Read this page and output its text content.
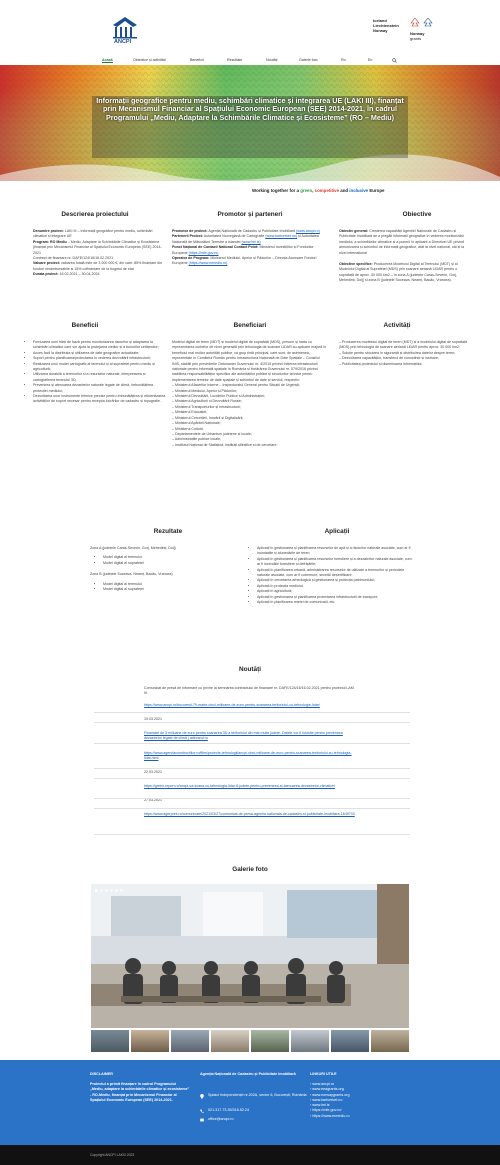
ANCPI
Iceland
Liechtenstein
Norway
Norway
grants
Acasă	Obiective și activități	Beneficii	Rezultate	Noutăți	Galerie foto	Ro	En
Informații geografice pentru mediu, schimbări climatice și integrarea UE (LAKI III), finanțat prin Mecanismul Financiar al Spațiului Economic European (SEE) 2014-2021, în cadrul Programului „Mediu, Adaptare la Schimbările Climatice și Ecosisteme” (RO – Mediu)
Working together for a green, competitive and inclusive Europe
Descrierea proiectului
Denumire proiect: LAKI III – Informații geografice pentru mediu, schimbări climatice și integrare UE
Program: RO Mediu – Mediu, Adaptare la Schimbările Climatice și Ecosisteme (finanțat prin Mecanismul Financiar al Spațiului Economic European (SEE) 2014-2021
Contract de finanțare nr. DAFE/124/16/16.02.2021
Valoare proiect: valoarea totală este de 3 000 000 €, din care: 85% finanțare din fonduri nerambursabile și 15% cofinanțare de la bugetul de stat
Durata proiect: 16.02.2021 – 30.04.2024
Promotor și parteneri
Promotor de proiect: Agenția Națională de Cadastru și Publicitate Imobiliară (www.ancpi.ro)
Partenerii Proiect: Autoritatea Norvegiană de Cartografie (www.kartverket.no) și Autoritatea Națională de Măsurători Terestre a Islandei (www.lmi.is)
Punct Național de Contact/ National Contact Point: Ministerul Investițiilor și Fondurilor Europene (https://mfe.gov.ro)
Operator de Program: Ministerul Mediului, Apelor și Pădurilor – Direcția Accesare Fonduri Europene (https://www.mmediu.ro)
Obiective
Obiectiv general: Creșterea capacității Agenției Naționale de Cadastru și Publicitate Imobiliară de a pregăti informații geografice în vederea monitorizării mediului, a schimbărilor climatice și a punerii în aplicare a Directivei UE privind armonizarea și schimbul de informații geografice, atât la nivel național, cât și la nivel internațional
Obiective specifice: Producerea Modelului Digital al Terenului (MDT) și al Modelului Digital al Suprafeței (MDS) prin scanare aeriană LiDAR pentru o suprafață de aprox. 30 000 km2 – în zona A (județele Caraș-Severin, Gorj, Mehedinți, Dolj) și zona B (județele Suceava, Neamț, Bacău, Vrancea).
Beneficii
• Furnizarea unei hărți de bază pentru monitorizarea riscurilor și adaptarea la schimbări climatice care vor ajuta la protejarea vieților și a bunurilor cetățenilor;
• Acces facil la distribuția și utilizarea de date geografice actualizate;
• Suport pentru planificarea/proiectarea în vederea dezvoltării infrastructurii;
• Realizarea unui model cartografic al terenului și al suprafeței pentru mediu și agricultură;
• Utilizarea durabilă a terenurilor și a resurselor naturale, interpretarea și cartografierea terenului 3D;
• Prevenirea și atenuarea dezastrelor naturale legate de climă, îmbunătățirea protecției mediului;
• Dezvoltarea unor instrumente tehnice precise pentru îmbunătățirea și eficientizarea activităților de suport necesar pentru recepția lucrărilor de cadastru și topografie.
Beneficiari
Modelul digital de teren (MDT) și modelul digital de suprafață (MDS), precum și harta cu reprezentarea curbelor de nivel generată prin tehnologia de scanare LiDAR au aplicare majoră în beneficiul mai multor autorități publice, ca grup țintă principal, care sunt, de asemenea, reprezentate în Comitetul Român pentru Infrastructura Națională de Date Spațiale – Consiliul INIS, stabilit prin prevederile Ordonanței Guvernului nr. 4/2010 privind Inițierea infrastructurii naționale pentru informații spațiale în România și Hotărârea Guvernului nr. 579/2016 privind stabilirea responsabilităților specifice ale autorităților publice și structurilor tehnice pentru implementarea temelor de date spațiale și schimbul de date și servicii, respectiv:
– Ministerul Afacerilor Interne – Inspectoratul General pentru Situații de Urgență;
– Ministerul Mediului, Apelor și Pădurilor;
– Ministerul Dezvoltării, Lucrărilor Publice și Administrației;
– Ministerul Agriculturii și Dezvoltării Rurale;
– Ministerul Transporturilor și Infrastructurii;
– Ministerul Educației;
– Ministerul Cercetării, Inovării și Digitalizării;
– Ministerul Apărării Naționale;
– Ministerul Culturii;
– Departamentele de Urbanism județene și locale;
– Administrațiile publice locale;
– Institutul Național de Statistică, instituții științifice și de cercetare.
Activități
– Producerea modelului digital de teren (MDT) și a modelului digital de suprafață (MDS) prin tehnologia de scanare aeriană LiDAR pentru aprox. 30 000 km2;
– Soluție pentru stocarea în siguranță și distribuirea datelor despre teren;
– Dezvoltarea capacităților, transferul de cunoștințe și instruire;
– Publicitatea proiectului și diseminarea informațiilor.
Rezultate
Zona A (județele Caraș-Severin, Gorj, Mehedinți, Dolj)
• Model digital al terenului
• Model digital al suprafeței
Zona B (județele Suceava, Neamț, Bacău, Vrancea)
• Model digital al terenului
• Model digital al suprafeței
Aplicații
• Aplicații în gestionarea și planificarea resurselor de apă și a riscurilor naturale asociate, cum ar fi inundațiile și alunecările de teren;
• Aplicații în gestionarea și planificarea resurselor forestiere și a dezastrelor naturale asociate, cum ar fi incendiile forestiere și defrișările;
• Aplicații în planificarea urbană, administrarea resurselor de utilizare a terenurilor și pericolele naturale asociate, cum ar fi cutremure, secetă/ deșertificare;
• Aplicații în cercetarea arheologică și gestionarea și protecția patrimoniului;
• Aplicații în protecția mediului;
• Aplicații în agricultură;
• Aplicații în gestionarea și planificarea proiectarea infrastructurii de transport;
• Aplicații în planificarea rețelei de comunicații, etc.
Noutăți
Comunicat de presă de informare cu privire la semnarea contractului de finanțare nr. DAFE/124/16/16.02.2021 pentru proiectul LAKI III.
https://www.ancpi.ro/bucuresti-79-marte-cinci-milioane-de-euro-pentru-scanarea-teritoriului-cu-tehnologie-lidar/
19.03.2021
Finanțare de 5 milioane de euro pentru scanarea 3D a teritoriului din mai multe județe. Datele vor fi folosite pentru prevenirea dezastrelor legate de climă | adevarul.ro
https://www.agendaconstructiilor.ro/files/proiecte-tehnologii/ancpi-cinci-milioane-de-euro-pentru-scanarea-teritoriului-cu-tehnologia-lidar.html
22.03.2021
https://green-report.ro/ancpi-va-scana-cu-tehnologia-lidar-8-judete-pentru-prevenirea-si-atenuarea-dezastrelor-climatice/
27.03.2021
https://www.agerpres.ro/comunicate/2021/03/27/comunicat-de-presa-agentia-nationala-de-cadastru-si-publicitate-imobiliara-1649703
Galerie foto
DISCLAIMER
Proiectul a primit finanțare în cadrul Programului „Mediu, adaptare la schimbările climatice și ecosisteme” - RO-Mediu, finanțat prin Mecanismul Financiar al Spațiului Economic European (SEE) 2014-2021.
Agenția Națională de Cadastru și Publicitate Imobiliară
Splaiul Independenței nr.202A, sector 6, București, România
021.317.73.39/316.52.24
office@ancpi.ro
LINKURI UTILE
› www.ancpi.ro
› www.eeagrants.org
› www.norwaygrants.org
› www.kartverket.no
› www.lmi.is
› https://mfe.gov.ro/
› https://www.mmediu.ro
Copyright ANCPI LAKI3 2023
